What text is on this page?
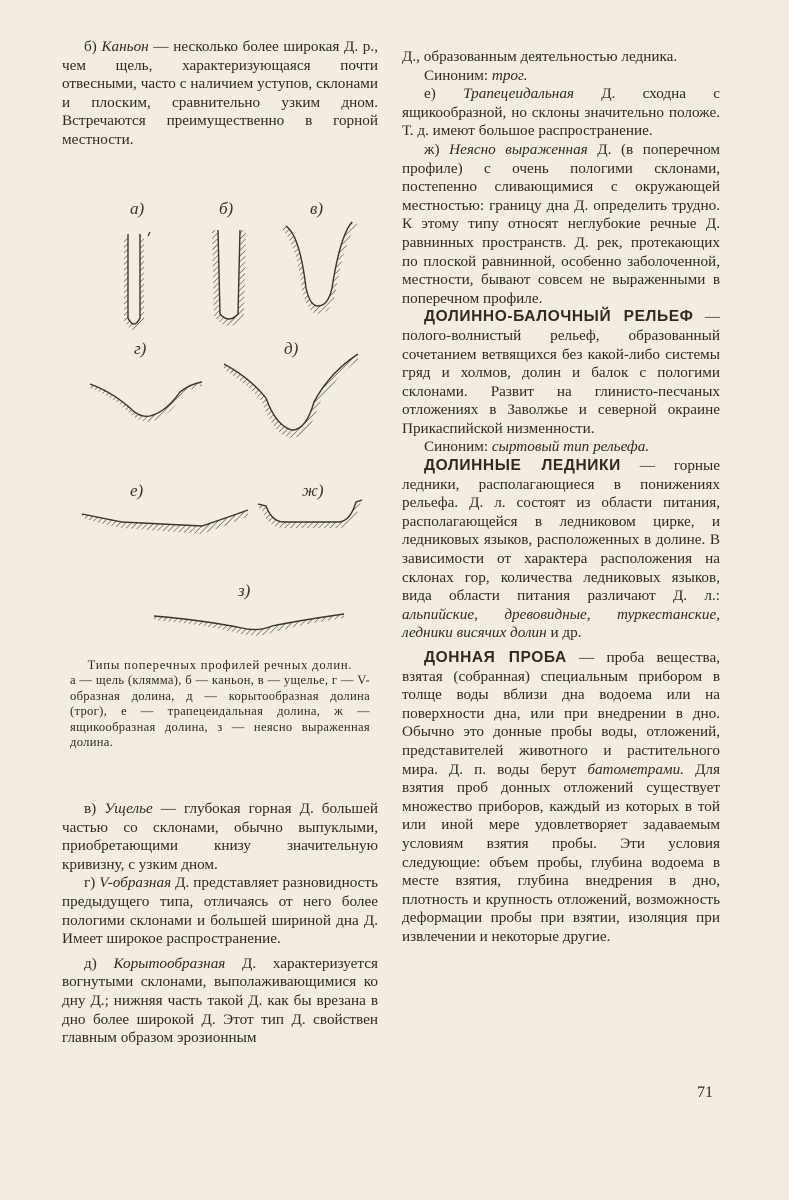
б) Каньон — несколько более широкая Д. р., чем щель, характеризующаяся почти отвесными, часто с наличием уступов, склонами и плоским, сравнительно узким дном. Встречаются преимущественно в горной местности.

а)	б)	в)
г)	д)
е)	ж)
з)
Типы поперечных профилей речных долин.
а — щель (клямма), б — каньон, в — ущелье, г — V-образная долина, д — корытообразная долина (трог), е — трапецеидальная долина, ж — ящикообразная долина, з — неясно выраженная долина.

в) Ущелье — глубокая горная Д. большей частью со склонами, обычно выпуклыми, приобретающими книзу значительную кривизну, с узким дном.

г) V-образная Д. представляет разновидность предыдущего типа, отличаясь от него более пологими склонами и большей шириной дна Д. Имеет широкое распространение.

д) Корытообразная Д. характеризуется вогнутыми склонами, выполаживающимися ко дну Д.; нижняя часть такой Д. как бы врезана в дно более широкой Д. Этот тип Д. свойствен главным образом эрозионным

Д., образованным деятельностью ледника.

Синоним: трог.

е) Трапецеидальная Д. сходна с ящикообразной, но склоны значительно положе. Т. д. имеют большое распространение.

ж) Неясно выраженная Д. (в поперечном профиле) с очень пологими склонами, постепенно сливающимися с окружающей местностью: границу дна Д. определить трудно. К этому типу относят неглубокие речные Д. равнинных пространств. Д. рек, протекающих по плоской равнинной, особенно заболоченной, местности, бывают совсем не выраженными в поперечном профиле.

ДОЛИННО-БАЛОЧНЫЙ РЕЛЬЕФ — полого-волнистый рельеф, образованный сочетанием ветвящихся без какой-либо системы гряд и холмов, долин и балок с пологими склонами. Развит на глинисто-песчаных отложениях в Заволжье и северной окраине Прикаспийской низменности.

Синоним: сыртовый тип рельефа.

ДОЛИННЫЕ ЛЕДНИКИ — горные ледники, располагающиеся в понижениях рельефа. Д. л. состоят из области питания, располагающейся в ледниковом цирке, и ледниковых языков, расположенных в долине. В зависимости от характера расположения на склонах гор, количества ледниковых языков, вида области питания различают Д. л.: альпийские, древовидные, туркестанские, ледники висячих долин и др.

ДОННАЯ ПРОБА — проба вещества, взятая (собранная) специальным прибором в толще воды вблизи дна водоема или на поверхности дна, или при внедрении в дно. Обычно это донные пробы воды, отложений, представителей животного и растительного мира. Д. п. воды берут батометрами. Для взятия проб донных отложений существует множество приборов, каждый из которых в той или иной мере удовлетворяет задаваемым условиям взятия пробы. Эти условия следующие: объем пробы, глубина водоема в месте взятия, глубина внедрения в дно, плотность и крупность отложений, возможность деформации пробы при взятии, изоляция при извлечении и некоторые другие.

71
